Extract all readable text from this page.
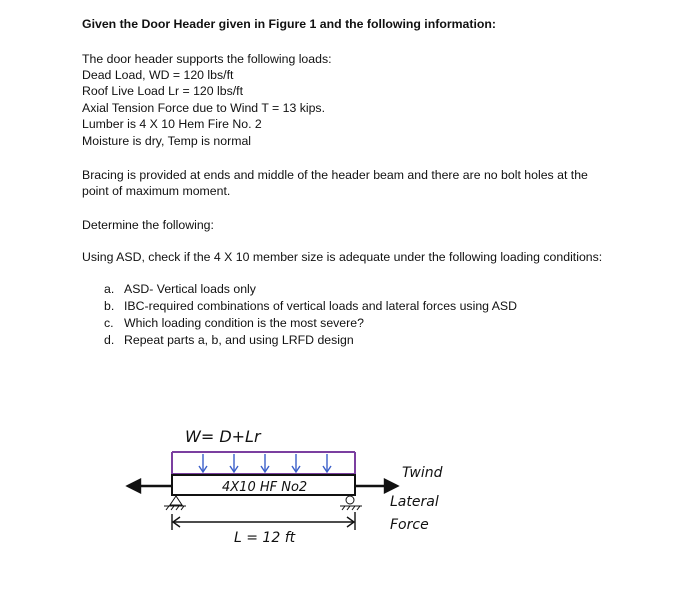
Given the Door Header given in Figure 1 and the following information:
The door header supports the following loads:
Dead Load, WD = 120 lbs/ft
Roof Live Load Lr = 120 lbs/ft
Axial Tension Force due to Wind T = 13 kips.
Lumber is 4 X 10 Hem Fire No. 2
Moisture is dry, Temp is normal
Bracing is provided at ends and middle of the header beam and there are no bolt holes at the
point of maximum moment.
Determine the following:
Using ASD, check if the 4 X 10 member size is adequate under the following loading conditions:
a. ASD- Vertical loads only
b. IBC-required combinations of vertical loads and lateral forces using ASD
c. Which loading condition is the most severe?
d. Repeat parts a, b, and using LRFD design
W= D+Lr
4X10 HF No2
L = 12 ft
Twind
Lateral
Force
